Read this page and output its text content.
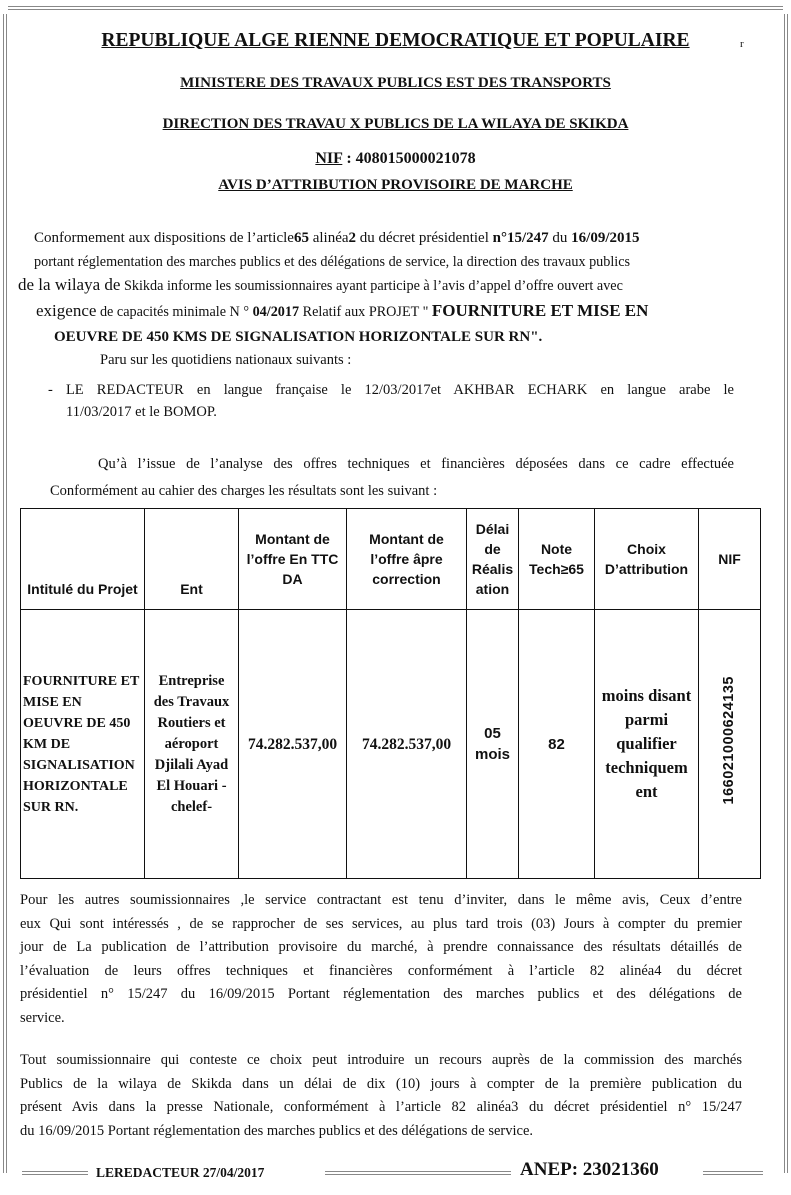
r
REPUBLIQUE ALGE RIENNE DEMOCRATIQUE ET POPULAIRE
MINISTERE DES TRAVAUX PUBLICS EST DES TRANSPORTS
DIRECTION DES TRAVAU X PUBLICS DE LA WILAYA DE SKIKDA
NIF : 408015000021078
AVIS D’ATTRIBUTION PROVISOIRE DE MARCHE
Conformement aux dispositions de l’article65 alinéa2 du décret présidentiel n°15/247 du 16/09/2015
portant réglementation des marches publics et des délégations de service, la direction des travaux publics
de la wilaya de Skikda informe les soumissionnaires ayant participe à l’avis d’appel d’offre ouvert avec
exigence de capacités minimale N ° 04/2017 Relatif aux PROJET " FOURNITURE ET MISE EN
OEUVRE DE 450 KMS DE SIGNALISATION HORIZONTALE SUR RN".
Paru sur les quotidiens nationaux suivants :
- LE REDACTEUR en langue française le 12/03/2017et AKHBAR ECHARK en langue arabe le
11/03/2017 et le BOMOP.
Qu’à l’issue de l’analyse des offres techniques et financières déposées dans ce cadre effectuée
Conformément au cahier des charges les résultats sont les suivant :
Intitulé du Projet	Ent	Montant de l’offre En TTC DA	Montant de l’offre âpre correction	Délai de Réalis ation	Note Tech≥65	Choix D’attribution	NIF
FOURNITURE ET MISE EN OEUVRE DE 450 KM DE SIGNALISATION HORIZONTALE SUR RN.	Entreprise des Travaux Routiers et aéroport Djilali Ayad El Houari -chelef-	74.282.537,00	74.282.537,00	05 mois	82	moins disant parmi qualifier techniquem ent	166021000624135
Pour les autres soumissionnaires ,le service contractant est tenu d’inviter, dans le même avis, Ceux d’entre
eux Qui sont intéressés , de se rapprocher de ses services, au plus tard trois (03) Jours à compter du premier
jour de La publication de l’attribution provisoire du marché, à prendre connaissance des résultats détaillés de
l’évaluation de leurs offres techniques et financières conformément à l’article 82 alinéa4 du décret
présidentiel n° 15/247 du 16/09/2015 Portant réglementation des marches publics et des délégations de
service.
Tout soumissionnaire qui conteste ce choix peut introduire un recours auprès de la commission des marchés
Publics de la wilaya de Skikda dans un délai de dix (10) jours à compter de la première publication du
présent Avis dans la presse Nationale, conformément à l’article 82 alinéa3 du décret présidentiel n° 15/247
du 16/09/2015 Portant réglementation des marches publics et des délégations de service.
LEREDACTEUR 27/04/2017	ANEP: 23021360
